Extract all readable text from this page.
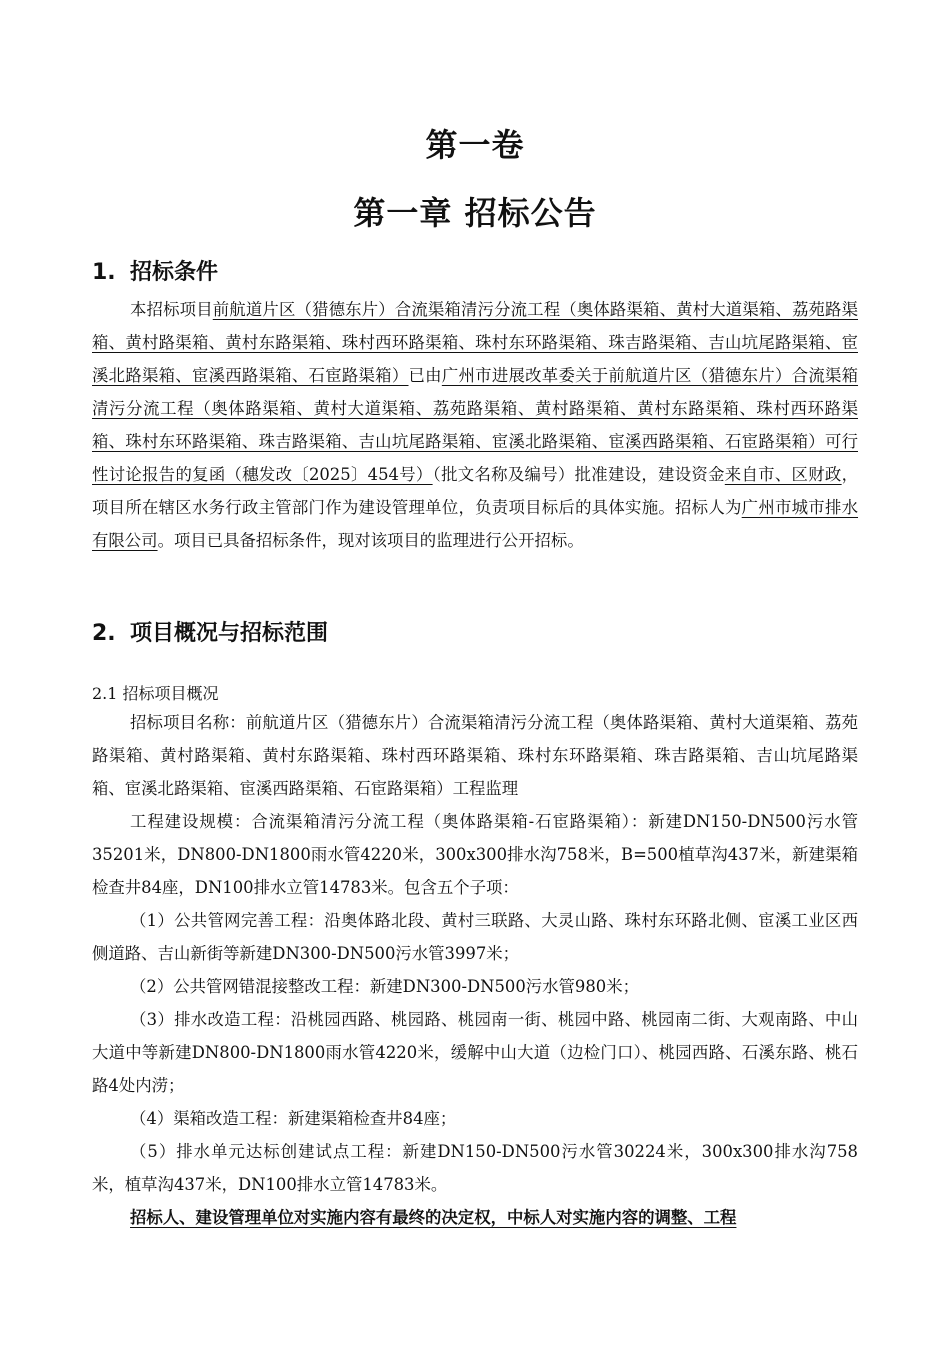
第一卷
第一章 招标公告
1. 招标条件

本招标项目前航道片区（猎德东片）合流渠箱清污分流工程（奥体路渠箱、黄村大道渠箱、荔苑路渠箱、黄村路渠箱、黄村东路渠箱、珠村西环路渠箱、珠村东环路渠箱、珠吉路渠箱、吉山坑尾路渠箱、宦溪北路渠箱、宦溪西路渠箱、石宦路渠箱）已由广州市进展改革委关于前航道片区（猎德东片）合流渠箱清污分流工程（奥体路渠箱、黄村大道渠箱、荔苑路渠箱、黄村路渠箱、黄村东路渠箱、珠村西环路渠箱、珠村东环路渠箱、珠吉路渠箱、吉山坑尾路渠箱、宦溪北路渠箱、宦溪西路渠箱、石宦路渠箱）可行性讨论报告的复函（穗发改〔2025〕454号）（批文名称及编号）批准建设，建设资金来自市、区财政，项目所在辖区水务行政主管部门作为建设管理单位，负责项目标后的具体实施。招标人为广州市城市排水有限公司。项目已具备招标条件，现对该项目的监理进行公开招标。

2. 项目概况与招标范围
2.1 招标项目概况

招标项目名称：前航道片区（猎德东片）合流渠箱清污分流工程（奥体路渠箱、黄村大道渠箱、荔苑路渠箱、黄村路渠箱、黄村东路渠箱、珠村西环路渠箱、珠村东环路渠箱、珠吉路渠箱、吉山坑尾路渠箱、宦溪北路渠箱、宦溪西路渠箱、石宦路渠箱）工程监理

工程建设规模：合流渠箱清污分流工程（奥体路渠箱-石宦路渠箱）：新建DN150-DN500污水管35201米，DN800-DN1800雨水管4220米，300x300排水沟758米，B=500植草沟437米，新建渠箱检查井84座，DN100排水立管14783米。包含五个子项：

（1）公共管网完善工程：沿奥体路北段、黄村三联路、大灵山路、珠村东环路北侧、宦溪工业区西侧道路、吉山新街等新建DN300-DN500污水管3997米；

（2）公共管网错混接整改工程：新建DN300-DN500污水管980米；

（3）排水改造工程：沿桃园西路、桃园路、桃园南一街、桃园中路、桃园南二街、大观南路、中山大道中等新建DN800-DN1800雨水管4220米，缓解中山大道（边检门口）、桃园西路、石溪东路、桃石路4处内涝；

（4）渠箱改造工程：新建渠箱检查井84座；

（5）排水单元达标创建试点工程：新建DN150-DN500污水管30224米，300x300排水沟758米，植草沟437米，DN100排水立管14783米。

招标人、建设管理单位对实施内容有最终的决定权，中标人对实施内容的调整、工程
